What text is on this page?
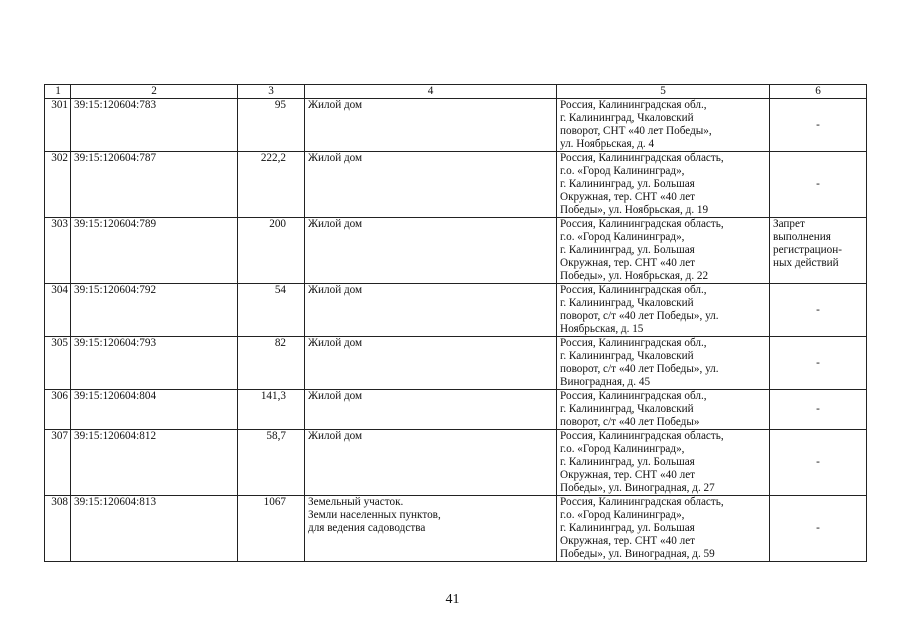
1	2	3	4	5	6
301	39:15:120604:783	95	Жилой дом	Россия, Калининградская обл.,
г. Калининград, Чкаловский
поворот, СНТ «40 лет Победы»,
ул. Ноябрьская, д. 4	-
302	39:15:120604:787	222,2	Жилой дом	Россия, Калининградская область,
г.о. «Город Калининград»,
г. Калининград, ул. Большая
Окружная, тер. СНТ «40 лет
Победы», ул. Ноябрьская, д. 19	-
303	39:15:120604:789	200	Жилой дом	Россия, Калининградская область,
г.о. «Город Калининград»,
г. Калининград, ул. Большая
Окружная, тер. СНТ «40 лет
Победы», ул. Ноябрьская, д. 22	Запрет
выполнения
регистрацион-
ных действий
304	39:15:120604:792	54	Жилой дом	Россия, Калининградская обл.,
г. Калининград, Чкаловский
поворот, с/т «40 лет Победы», ул.
Ноябрьская, д. 15	-
305	39:15:120604:793	82	Жилой дом	Россия, Калининградская обл.,
г. Калининград, Чкаловский
поворот, с/т «40 лет Победы», ул.
Виноградная, д. 45	-
306	39:15:120604:804	141,3	Жилой дом	Россия, Калининградская обл.,
г. Калининград, Чкаловский
поворот, с/т «40 лет Победы»	-
307	39:15:120604:812	58,7	Жилой дом	Россия, Калининградская область,
г.о. «Город Калининград»,
г. Калининград, ул. Большая
Окружная, тер. СНТ «40 лет
Победы», ул. Виноградная, д. 27	-
308	39:15:120604:813	1067	Земельный участок.
Земли населенных пунктов,
для ведения садоводства	Россия, Калининградская область,
г.о. «Город Калининград»,
г. Калининград, ул. Большая
Окружная, тер. СНТ «40 лет
Победы», ул. Виноградная, д. 59	-
41
